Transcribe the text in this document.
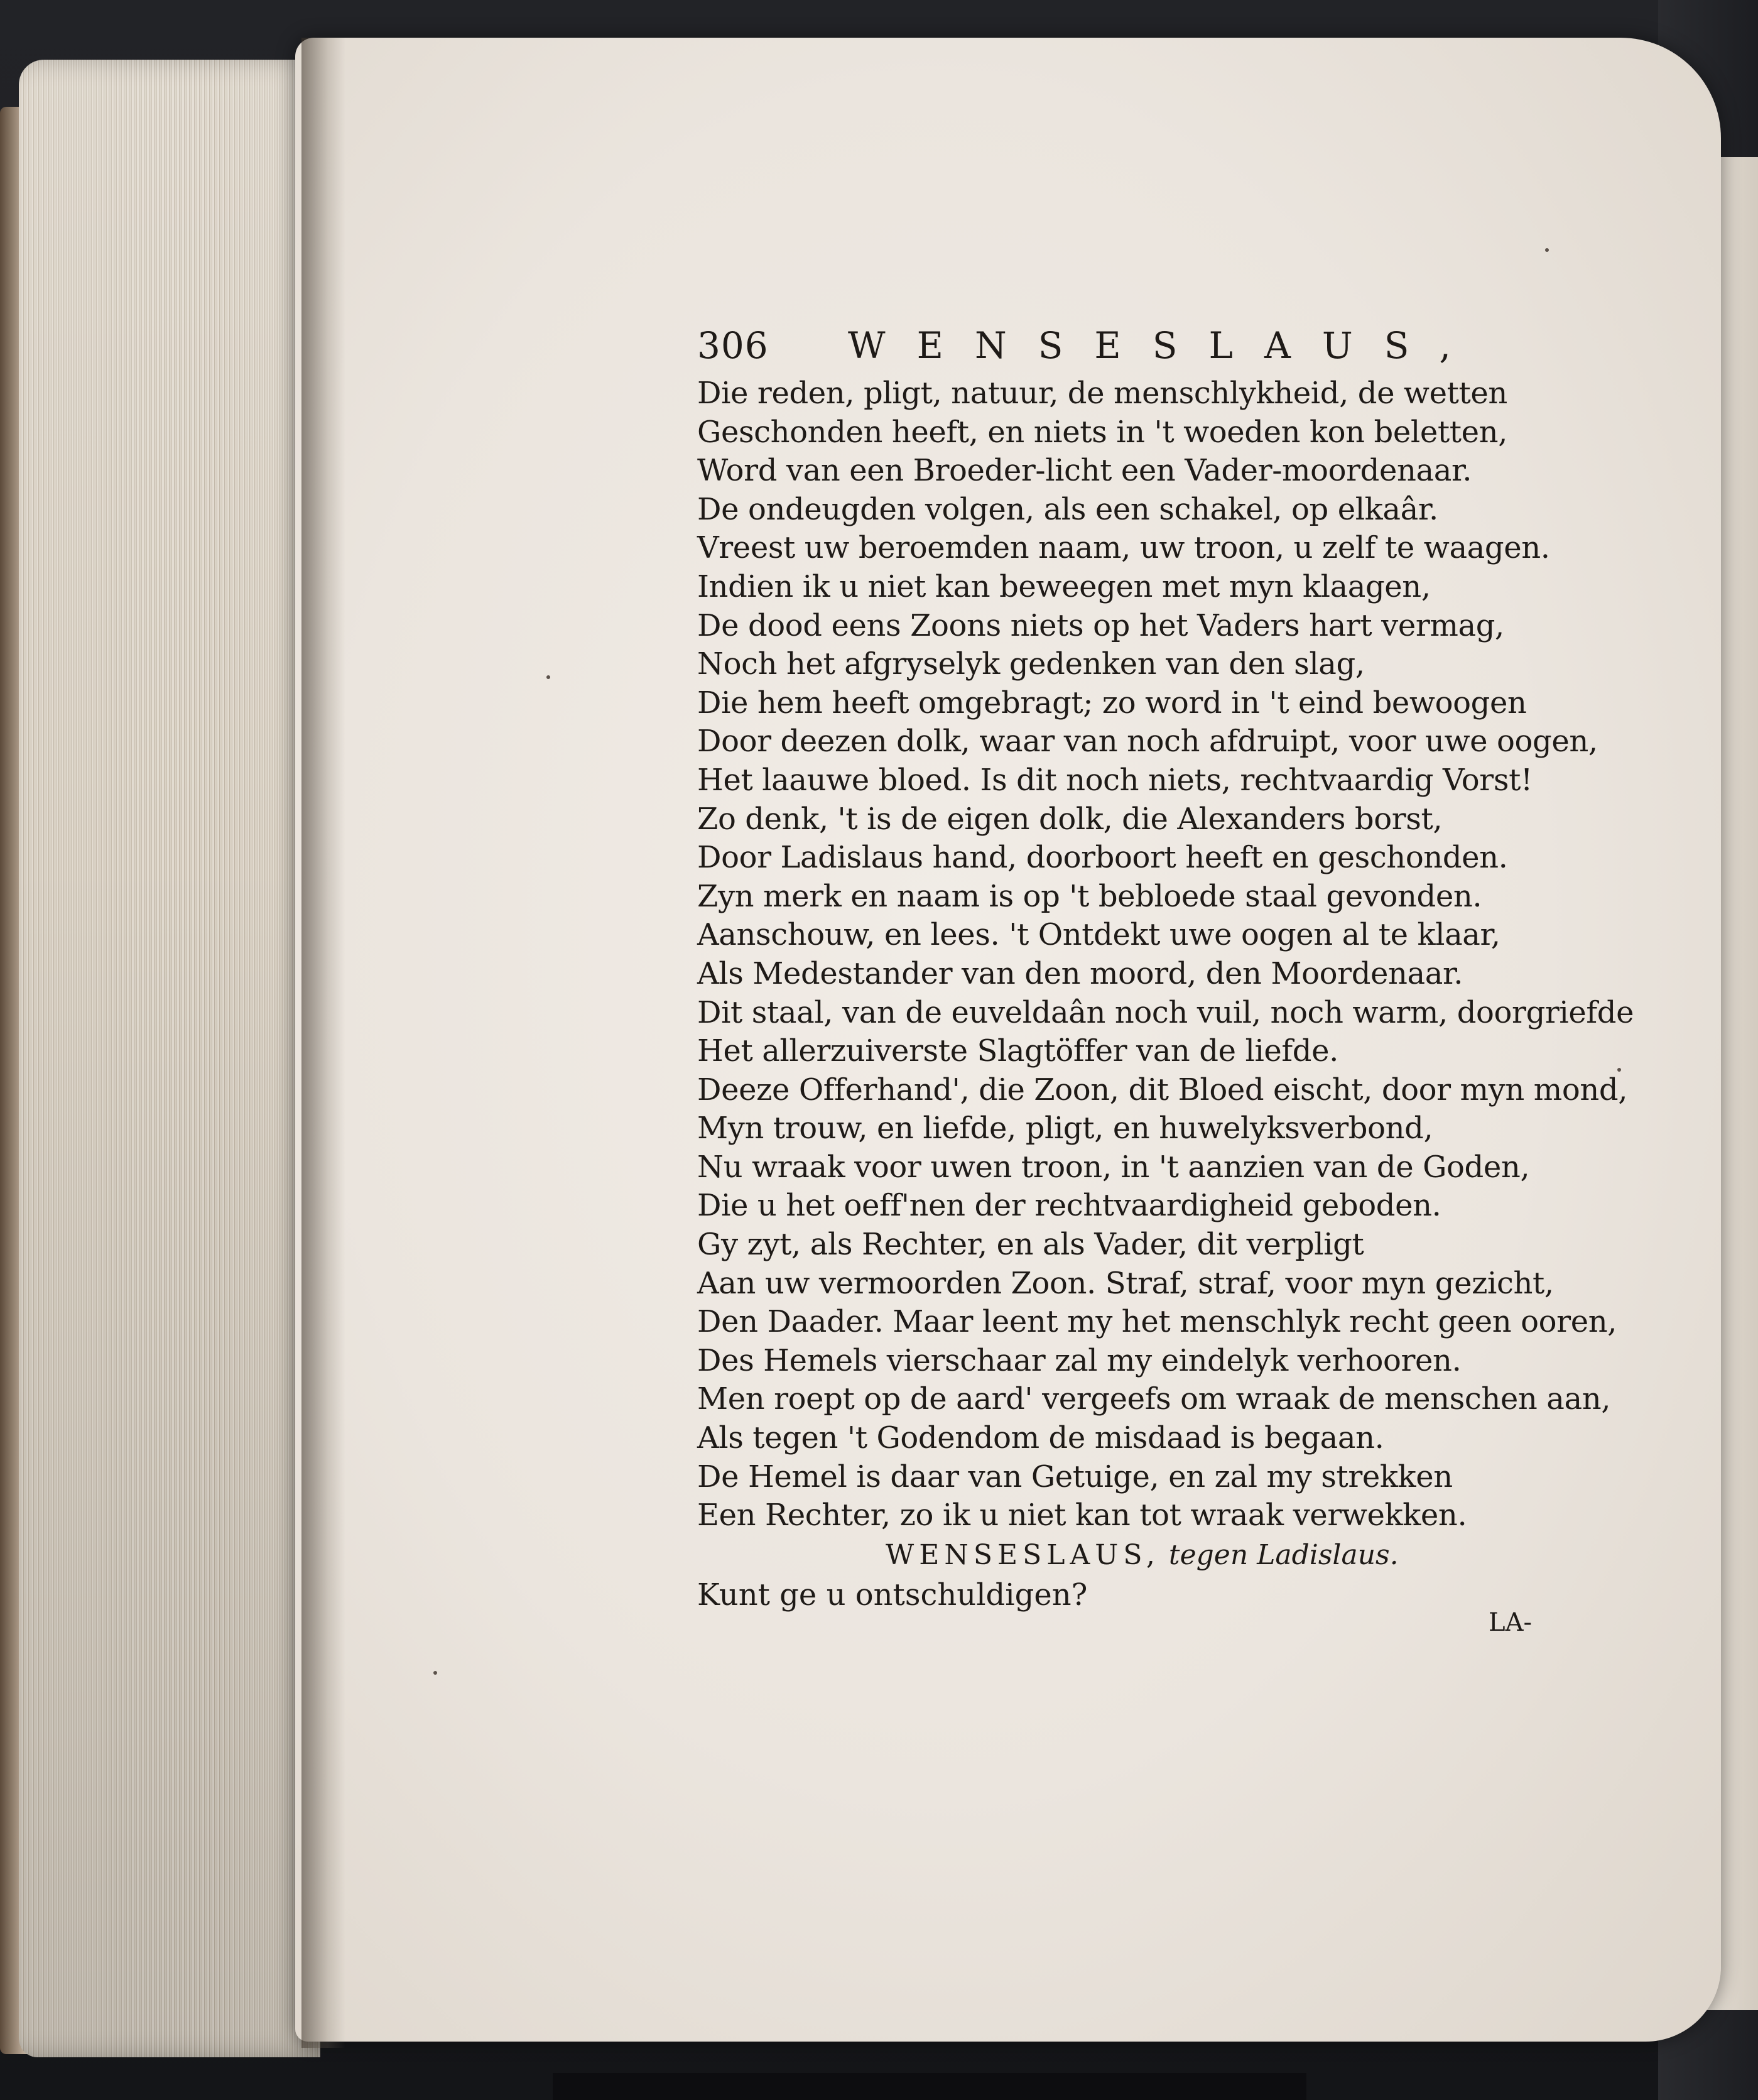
306 WENSESLAUS,
Die reden, pligt, natuur, de menschlykheid, de wetten
Geschonden heeft, en niets in 't woeden kon beletten,
Word van een Broeder-licht een Vader-moordenaar.
De ondeugden volgen, als een schakel, op elkaâr.
Vreest uw beroemden naam, uw troon, u zelf te waagen.
Indien ik u niet kan beweegen met myn klaagen,
De dood eens Zoons niets op het Vaders hart vermag,
Noch het afgryselyk gedenken van den slag,
Die hem heeft omgebragt; zo word in 't eind bewoogen
Door deezen dolk, waar van noch afdruipt, voor uwe oogen,
Het laauwe bloed. Is dit noch niets, rechtvaardig Vorst!
Zo denk, 't is de eigen dolk, die Alexanders borst,
Door Ladislaus hand, doorboort heeft en geschonden.
Zyn merk en naam is op 't bebloede staal gevonden.
Aanschouw, en lees. 't Ontdekt uwe oogen al te klaar,
Als Medestander van den moord, den Moordenaar.
Dit staal, van de euveldaân noch vuil, noch warm, doorgriefde
Het allerzuiverste Slagtöffer van de liefde.
Deeze Offerhand', die Zoon, dit Bloed eischt, door myn mond,
Myn trouw, en liefde, pligt, en huwelyksverbond,
Nu wraak voor uwen troon, in 't aanzien van de Goden,
Die u het oeff'nen der rechtvaardigheid geboden.
Gy zyt, als Rechter, en als Vader, dit verpligt
Aan uw vermoorden Zoon. Straf, straf, voor myn gezicht,
Den Daader. Maar leent my het menschlyk recht geen ooren,
Des Hemels vierschaar zal my eindelyk verhooren.
Men roept op de aard' vergeefs om wraak de menschen aan,
Als tegen 't Godendom de misdaad is begaan.
De Hemel is daar van Getuige, en zal my strekken
Een Rechter, zo ik u niet kan tot wraak verwekken.
WENSESLAUS, tegen Ladislaus.
Kunt ge u ontschuldigen?
LA-
